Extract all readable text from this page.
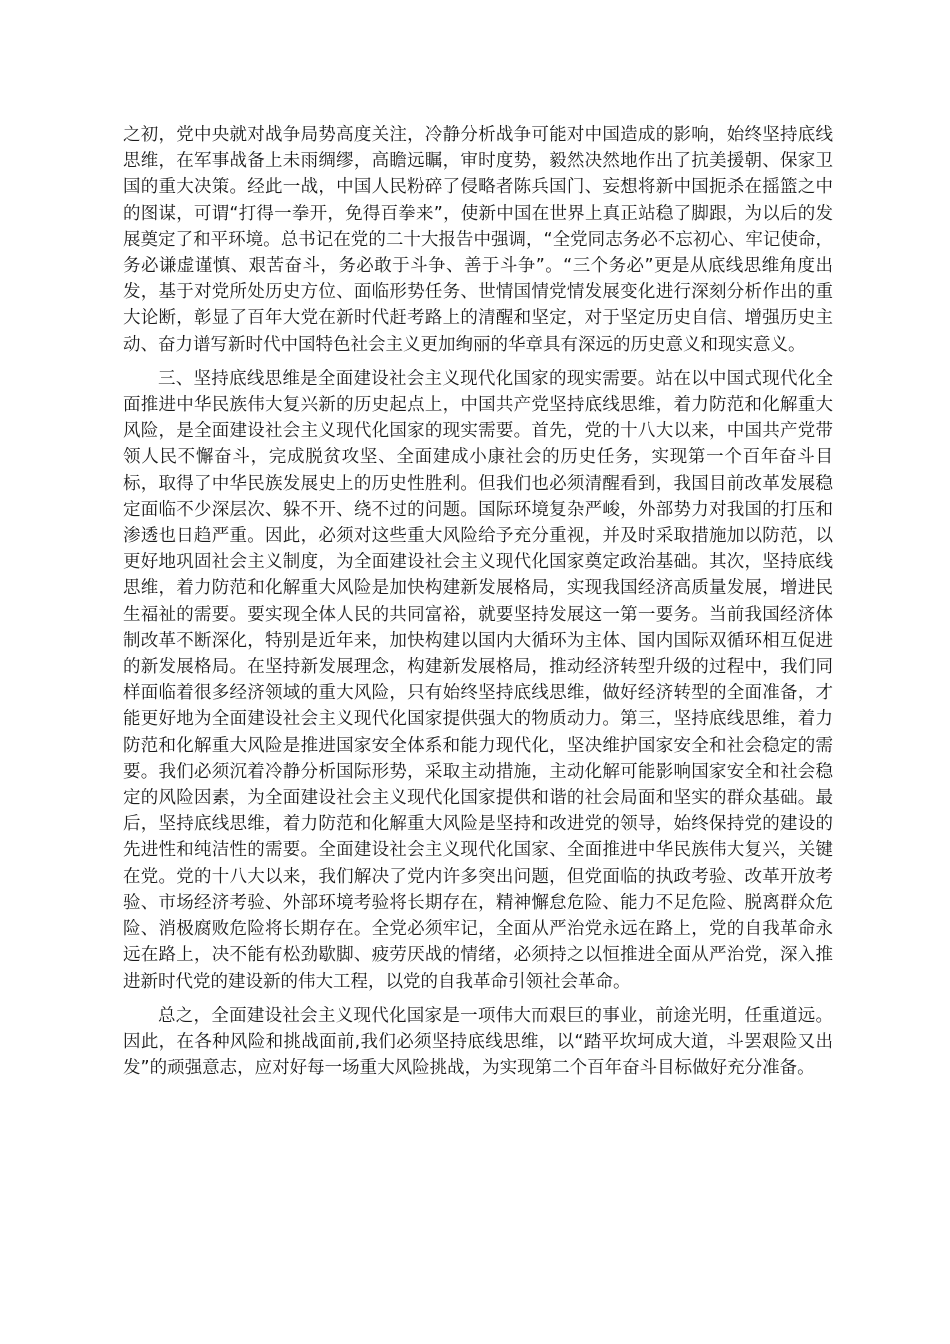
之初，党中央就对战争局势高度关注，冷静分析战争可能对中国造成的影响，始终坚持底线思维，在军事战备上未雨绸缪，高瞻远瞩，审时度势，毅然决然地作出了抗美援朝、保家卫国的重大决策。经此一战，中国人民粉碎了侵略者陈兵国门、妄想将新中国扼杀在摇篮之中的图谋，可谓“打得一拳开，免得百拳来”，使新中国在世界上真正站稳了脚跟，为以后的发展奠定了和平环境。总书记在党的二十大报告中强调，“全党同志务必不忘初心、牢记使命，务必谦虚谨慎、艰苦奋斗，务必敢于斗争、善于斗争”。“三个务必”更是从底线思维角度出发，基于对党所处历史方位、面临形势任务、世情国情党情发展变化进行深刻分析作出的重大论断，彰显了百年大党在新时代赶考路上的清醒和坚定，对于坚定历史自信、增强历史主动、奋力谱写新时代中国特色社会主义更加绚丽的华章具有深远的历史意义和现实意义。

三、坚持底线思维是全面建设社会主义现代化国家的现实需要。站在以中国式现代化全面推进中华民族伟大复兴新的历史起点上，中国共产党坚持底线思维，着力防范和化解重大风险，是全面建设社会主义现代化国家的现实需要。首先，党的十八大以来，中国共产党带领人民不懈奋斗，完成脱贫攻坚、全面建成小康社会的历史任务，实现第一个百年奋斗目标，取得了中华民族发展史上的历史性胜利。但我们也必须清醒看到，我国目前改革发展稳定面临不少深层次、躲不开、绕不过的问题。国际环境复杂严峻，外部势力对我国的打压和渗透也日趋严重。因此，必须对这些重大风险给予充分重视，并及时采取措施加以防范，以更好地巩固社会主义制度，为全面建设社会主义现代化国家奠定政治基础。其次，坚持底线思维，着力防范和化解重大风险是加快构建新发展格局，实现我国经济高质量发展，增进民生福祉的需要。要实现全体人民的共同富裕，就要坚持发展这一第一要务。当前我国经济体制改革不断深化，特别是近年来，加快构建以国内大循环为主体、国内国际双循环相互促进的新发展格局。在坚持新发展理念，构建新发展格局，推动经济转型升级的过程中，我们同样面临着很多经济领域的重大风险，只有始终坚持底线思维，做好经济转型的全面准备，才能更好地为全面建设社会主义现代化国家提供强大的物质动力。第三，坚持底线思维，着力防范和化解重大风险是推进国家安全体系和能力现代化，坚决维护国家安全和社会稳定的需要。我们必须沉着冷静分析国际形势，采取主动措施，主动化解可能影响国家安全和社会稳定的风险因素，为全面建设社会主义现代化国家提供和谐的社会局面和坚实的群众基础。最后，坚持底线思维，着力防范和化解重大风险是坚持和改进党的领导，始终保持党的建设的先进性和纯洁性的需要。全面建设社会主义现代化国家、全面推进中华民族伟大复兴，关键在党。党的十八大以来，我们解决了党内许多突出问题，但党面临的执政考验、改革开放考验、市场经济考验、外部环境考验将长期存在，精神懈怠危险、能力不足危险、脱离群众危险、消极腐败危险将长期存在。全党必须牢记，全面从严治党永远在路上，党的自我革命永远在路上，决不能有松劲歇脚、疲劳厌战的情绪，必须持之以恒推进全面从严治党，深入推进新时代党的建设新的伟大工程，以党的自我革命引领社会革命。

总之，全面建设社会主义现代化国家是一项伟大而艰巨的事业，前途光明，任重道远。因此，在各种风险和挑战面前,我们必须坚持底线思维，以“踏平坎坷成大道，斗罢艰险又出发”的顽强意志，应对好每一场重大风险挑战，为实现第二个百年奋斗目标做好充分准备。
